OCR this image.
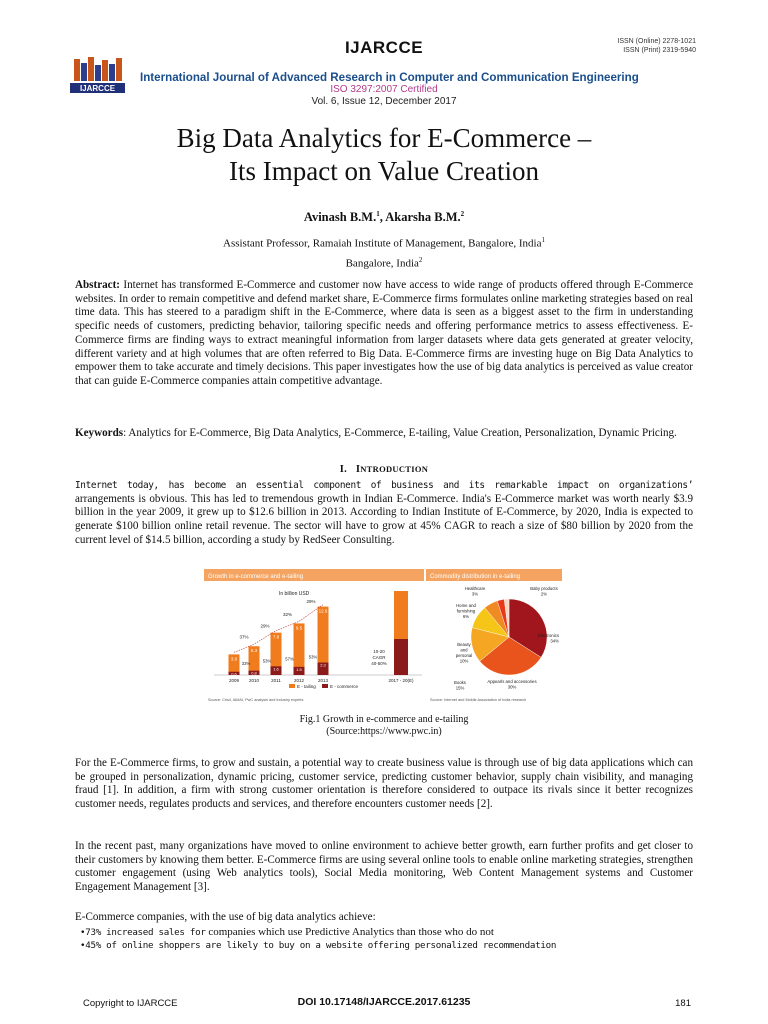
IJARCCE	ISSN (Online) 2278-1021
ISSN (Print) 2319-5940
IJARCCE
International Journal of Advanced Research in Computer and Communication Engineering
ISO 3297:2007 Certified
Vol. 6, Issue 12, December 2017
Big Data Analytics for E-Commerce –
Its Impact on Value Creation
Avinash B.M.$^1$, Akarsha B.M.$^2$
Assistant Professor, Ramaiah Institute of Management, Bangalore, India$^1$
Bangalore, India$^2$
Abstract: Internet has transformed E-Commerce and customer now have access to wide range of products offered through E-Commerce websites. In order to remain competitive and defend market share, E-Commerce firms formulates online marketing strategies based on real time data. This has steered to a paradigm shift in the E-Commerce, where data is seen as a biggest asset to the firm in understanding specific needs of customers, predicting behavior, tailoring specific needs and offering performance metrics to assess effectiveness. E-Commerce firms are finding ways to extract meaningful information from larger datasets where data gets generated at greater velocity, different variety and at high volumes that are often referred to Big Data. E-Commerce firms are investing huge on Big Data Analytics to empower them to take accurate and timely decisions. This paper investigates how the use of big data analytics is perceived as value creator that can guide E-Commerce companies attain competitive advantage.
Keywords: Analytics for E-Commerce, Big Data Analytics, E-Commerce, E-tailing, Value Creation, Personalization, Dynamic Pricing.
I. INTRODUCTION
Internet today, has become an essential component of business and its remarkable impact on organizations’ arrangements is obvious. This has led to tremendous growth in Indian E-Commerce. India's E-Commerce market was worth nearly $3.9 billion in the year 2009, it grew up to $12.6 billion in 2013. According to Indian Institute of E-Commerce, by 2020, India is expected to generate $100 billion online retail revenue. The sector will have to grow at 45% CAGR to reach a size of $80 billion by 2020 from the current level of $14.5 billion, according a study by RedSeer Consulting.
Growth in e-commerce and e-tailing
In billion USD
3.8
0.6
2009
5.3
0.8
2010
7.8
1.6
2011
9.5
1.5
2012
12.6
2.3
2013
37%
29%
32%
29%
33%
53%	57%	53%
2017 - 20(E)
10-20
CAGR
40-50%
E - tailing	E - commerce
Source: Crisil, IAMAI, PwC analysis and Industry experts
Commodity distribution in e-tailing
Healthcare
3%
Baby products
2%
Home and
furnishing
6%
Electronics
34%
Beauty
and
personal
10%
Books
15%
Appearls and accessories
30%
Source: Internet and Mobile Association of India research
Fig.1 Growth in e-commerce and e-tailing
(Source:https://www.pwc.in)
For the E-Commerce firms, to grow and sustain, a potential way to create business value is through use of big data applications which can be grouped in personalization, dynamic pricing, customer service, predicting customer behavior, supply chain visibility, and managing fraud [1]. In addition, a firm with strong customer orientation is therefore considered to outpace its rivals since it better recognizes customer needs, regulates products and services, and therefore encounters customer needs [2].
In the recent past, many organizations have moved to online environment to achieve better growth, earn further profits and get closer to their customers by knowing them better. E-Commerce firms are using several online tools to enable online marketing strategies, strengthen customer engagement (using Web analytics tools), Social Media monitoring, Web Content Management systems and Customer Engagement Management [3].
E-Commerce companies, with the use of big data analytics achieve:
•73% increased sales for companies which use Predictive Analytics than those who do not
•45% of online shoppers are likely to buy on a website offering personalized recommendation
Copyright to IJARCCE	DOI 10.17148/IJARCCE.2017.61235	181
